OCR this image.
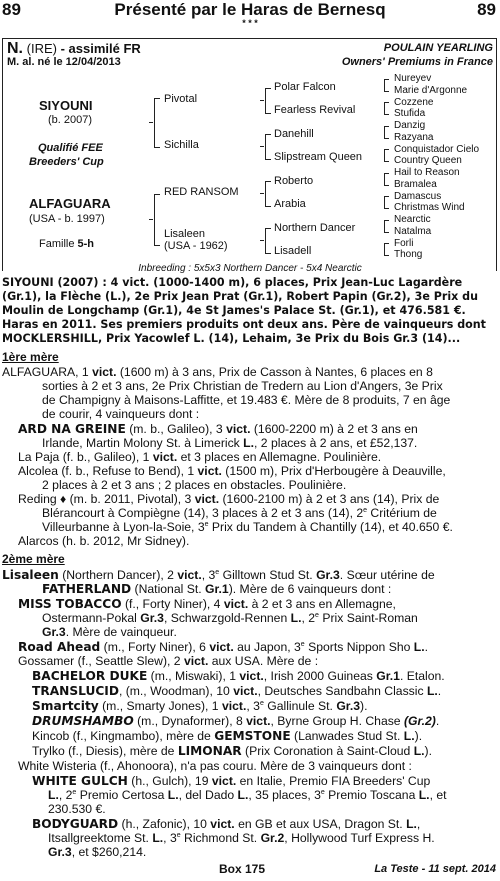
89	Présenté par le Haras de Bernesq	89
* * *
N. (IRE) - assimilé FR	POULAIN YEARLING
M. al. né le 12/04/2013	Owners' Premiums in France
SIYOUNI
(b. 2007)
Qualifié FEE
Breeders' Cup
ALFAGUARA
(USA - b. 1997)
Famille 5-h
Pivotal
Sichilla
RED RANSOM
Lisaleen
(USA - 1962)
Polar Falcon
Fearless Revival
Danehill
Slipstream Queen
Roberto
Arabia
Northern Dancer
Lisadell
Nureyev
Marie d'Argonne
Cozzene
Stufida
Danzig
Razyana
Conquistador Cielo
Country Queen
Hail to Reason
Bramalea
Damascus
Christmas Wind
Nearctic
Natalma
Forli
Thong
Inbreeding : 5x5x3 Northern Dancer - 5x4 Nearctic
SIYOUNI (2007) : 4 vict. (1000-1400 m), 6 places, Prix Jean-Luc Lagardère
(Gr.1), la Flèche (L.), 2e Prix Jean Prat (Gr.1), Robert Papin (Gr.2), 3e Prix du
Moulin de Longchamp (Gr.1), 4e St James's Palace St. (Gr.1), et 476.581 €.
Haras en 2011. Ses premiers produits ont deux ans. Père de vainqueurs dont
MOCKLERSHILL, Prix Yacowlef L. (14), Lehaim, 3e Prix du Bois Gr.3 (14)...
1ère mère
ALFAGUARA, 1 vict. (1600 m) à 3 ans, Prix de Casson à Nantes, 6 places en 8
sorties à 2 et 3 ans, 2e Prix Christian de Tredern au Lion d'Angers, 3e Prix
de Champigny à Maisons-Laffitte, et 19.483 €. Mère de 8 produits, 7 en âge
de courir, 4 vainqueurs dont :
ARD NA GREINE (m. b., Galileo), 3 vict. (1600-2200 m) à 2 et 3 ans en
Irlande, Martin Molony St. à Limerick L., 2 places à 2 ans, et £52,137.
La Paja (f. b., Galileo), 1 vict. et 3 places en Allemagne. Poulinière.
Alcolea (f. b., Refuse to Bend), 1 vict. (1500 m), Prix d'Herbougère à Deauville,
2 places à 2 et 3 ans ; 2 places en obstacles. Poulinière.
Reding ♦ (m. b. 2011, Pivotal), 3 vict. (1600-2100 m) à 2 et 3 ans (14), Prix de
Blérancourt à Compiègne (14), 3 places à 2 et 3 ans (14), 2e Critérium de
Villeurbanne à Lyon-la-Soie, 3e Prix du Tandem à Chantilly (14), et 40.650 €.
Alarcos (h. b. 2012, Mr Sidney).
2ème mère
Lisaleen (Northern Dancer), 2 vict., 3e Gilltown Stud St. Gr.3. Sœur utérine de
FATHERLAND (National St. Gr.1). Mère de 6 vainqueurs dont :
MISS TOBACCO (f., Forty Niner), 4 vict. à 2 et 3 ans en Allemagne,
Ostermann-Pokal Gr.3, Schwarzgold-Rennen L., 2e Prix Saint-Roman
Gr.3. Mère de vainqueur.
Road Ahead (m., Forty Niner), 6 vict. au Japon, 3e Sports Nippon Sho L..
Gossamer (f., Seattle Slew), 2 vict. aux USA. Mère de :
BACHELOR DUKE (m., Miswaki), 1 vict., Irish 2000 Guineas Gr.1. Etalon.
TRANSLUCID, (m., Woodman), 10 vict., Deutsches Sandbahn Classic L..
Smartcity (m., Smarty Jones), 1 vict., 3e Gallinule St. Gr.3).
DRUMSHAMBO (m., Dynaformer), 8 vict., Byrne Group H. Chase (Gr.2).
Kincob (f., Kingmambo), mère de GEMSTONE (Lanwades Stud St. L.).
Trylko (f., Diesis), mère de LIMONAR (Prix Coronation à Saint-Cloud L.).
White Wisteria (f., Ahonoora), n'a pas couru. Mère de 3 vainqueurs dont :
WHITE GULCH (h., Gulch), 19 vict. en Italie, Premio FIA Breeders' Cup
L., 2e Premio Certosa L., del Dado L., 35 places, 3e Premio Toscana L., et
230.530 €.
BODYGUARD (h., Zafonic), 10 vict. en GB et aux USA, Dragon St. L.,
Itsallgreektome St. L., 3e Richmond St. Gr.2, Hollywood Turf Express H.
Gr.3, et $260,214.
Box 175	La Teste - 11 sept. 2014
